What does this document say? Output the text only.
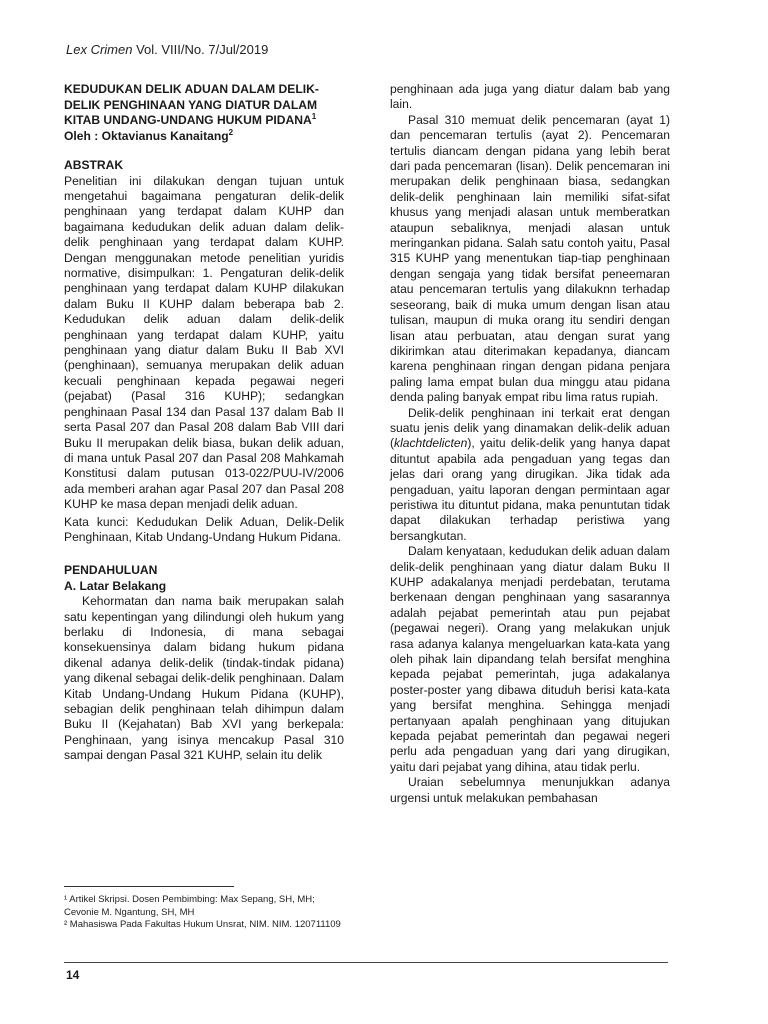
Lex Crimen Vol. VIII/No. 7/Jul/2019

KEDUDUKAN DELIK ADUAN DALAM DELIK-
DELIK PENGHINAAN YANG DIATUR DALAM
KITAB UNDANG-UNDANG HUKUM PIDANA$^1$

Oleh : Oktavianus Kanaitang$^2$

ABSTRAK

Penelitian ini dilakukan dengan tujuan untuk mengetahui bagaimana pengaturan delik-delik penghinaan yang terdapat dalam KUHP dan bagaimana kedudukan delik aduan dalam delik-delik penghinaan yang terdapat dalam KUHP. Dengan menggunakan metode penelitian yuridis normative, disimpulkan: 1. Pengaturan delik-delik penghinaan yang terdapat dalam KUHP dilakukan dalam Buku II KUHP dalam beberapa bab 2. Kedudukan delik aduan dalam delik-delik penghinaan yang terdapat dalam KUHP, yaitu penghinaan yang diatur dalam Buku II Bab XVI (penghinaan), semuanya merupakan delik aduan kecuali penghinaan kepada pegawai negeri (pejabat) (Pasal 316 KUHP); sedangkan penghinaan Pasal 134 dan Pasal 137 dalam Bab II serta Pasal 207 dan Pasal 208 dalam Bab VIII dari Buku II merupakan delik biasa, bukan delik aduan, di mana untuk Pasal 207 dan Pasal 208 Mahkamah Konstitusi dalam putusan 013-022/PUU-IV/2006 ada memberi arahan agar Pasal 207 dan Pasal 208 KUHP ke masa depan menjadi delik aduan.

Kata kunci: Kedudukan Delik Aduan, Delik-Delik Penghinaan, Kitab Undang-Undang Hukum Pidana.

PENDAHULUAN

A. Latar Belakang

Kehormatan dan nama baik merupakan salah satu kepentingan yang dilindungi oleh hukum yang berlaku di Indonesia, di mana sebagai konsekuensinya dalam bidang hukum pidana dikenal adanya delik-delik (tindak-tindak pidana) yang dikenal sebagai delik-delik penghinaan. Dalam Kitab Undang-Undang Hukum Pidana (KUHP), sebagian delik penghinaan telah dihimpun dalam Buku II (Kejahatan) Bab XVI yang berkepala: Penghinaan, yang isinya mencakup Pasal 310 sampai dengan Pasal 321 KUHP, selain itu delik

penghinaan ada juga yang diatur dalam bab yang lain.

Pasal 310 memuat delik pencemaran (ayat 1) dan pencemaran tertulis (ayat 2). Pencemaran tertulis diancam dengan pidana yang lebih berat dari pada pencemaran (lisan). Delik pencemaran ini merupakan delik penghinaan biasa, sedangkan delik-delik penghinaan lain memiliki sifat-sifat khusus yang menjadi alasan untuk memberatkan ataupun sebaliknya, menjadi alasan untuk meringankan pidana. Salah satu contoh yaitu, Pasal 315 KUHP yang menentukan tiap-tiap penghinaan dengan sengaja yang tidak bersifat peneemaran atau pencemaran tertulis yang dilakuknn terhadap seseorang, baik di muka umum dengan lisan atau tulisan, maupun di muka orang itu sendiri dengan lisan atau perbuatan, atau dengan surat yang dikirimkan atau diterimakan kepadanya, diancam karena penghinaan ringan dengan pidana penjara paling lama empat bulan dua minggu atau pidana denda paling banyak empat ribu lima ratus rupiah.

Delik-delik penghinaan ini terkait erat dengan suatu jenis delik yang dinamakan delik-delik aduan (klachtdelicten), yaitu delik-delik yang hanya dapat dituntut apabila ada pengaduan yang tegas dan jelas dari orang yang dirugikan. Jika tidak ada pengaduan, yaitu laporan dengan permintaan agar peristiwa itu dituntut pidana, maka penuntutan tidak dapat dilakukan terhadap peristiwa yang bersangkutan.

Dalam kenyataan, kedudukan delik aduan dalam delik-delik penghinaan yang diatur dalam Buku II KUHP adakalanya menjadi perdebatan, terutama berkenaan dengan penghinaan yang sasarannya adalah pejabat pemerintah atau pun pejabat (pegawai negeri). Orang yang melakukan unjuk rasa adanya kalanya mengeluarkan kata-kata yang oleh pihak lain dipandang telah bersifat menghina kepada pejabat pemerintah, juga adakalanya poster-poster yang dibawa dituduh berisi kata-kata yang bersifat menghina. Sehingga menjadi pertanyaan apalah penghinaan yang ditujukan kepada pejabat pemerintah dan pegawai negeri perlu ada pengaduan yang dari yang dirugikan, yaitu dari pejabat yang dihina, atau tidak perlu.

Uraian sebelumnya menunjukkan adanya urgensi untuk melakukan pembahasan

¹ Artikel Skripsi. Dosen Pembimbing: Max Sepang, SH, MH; Cevonie M. Ngantung, SH, MH

² Mahasiswa Pada Fakultas Hukum Unsrat, NIM. NIM. 120711109

14
